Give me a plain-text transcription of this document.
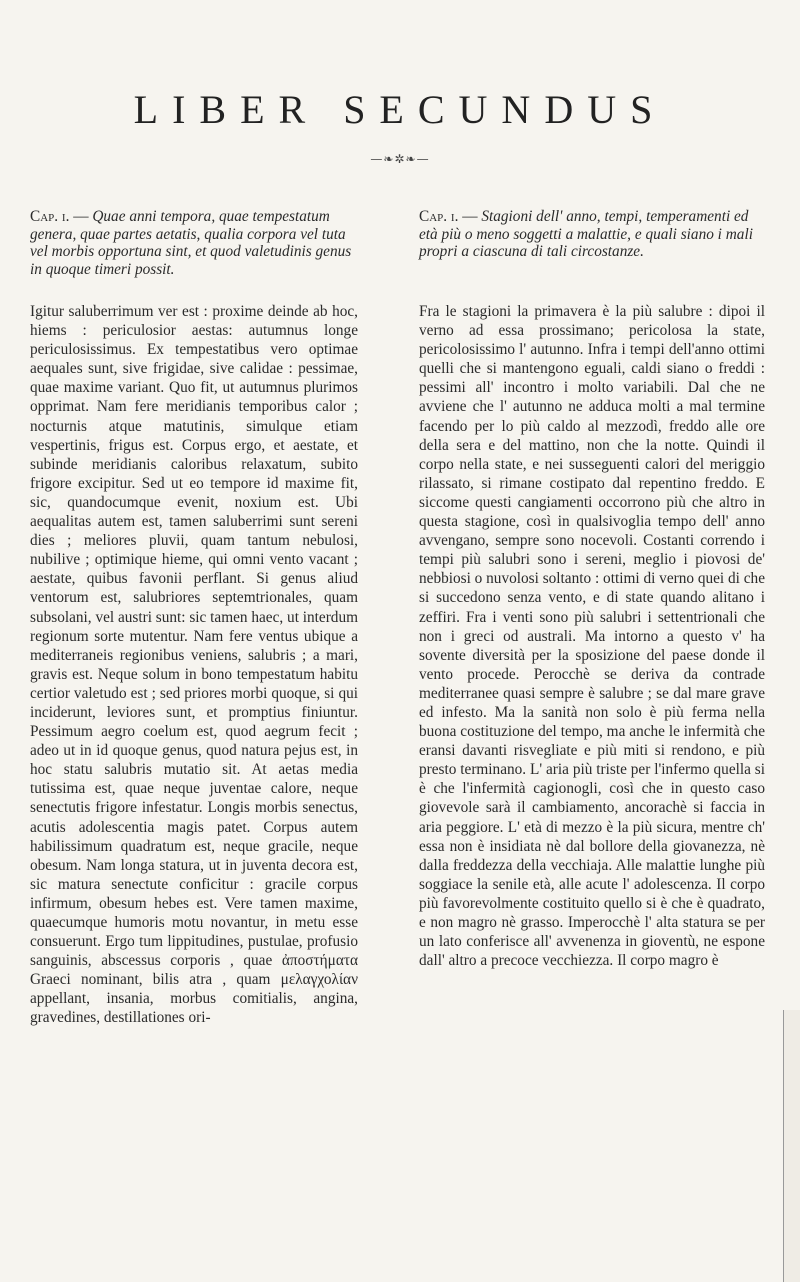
LIBER SECUNDUS
—❧✲❧—

Cap. i. — Quae anni tempora, quae tempestatum genera, quae partes aetatis, qualia corpora vel tuta vel morbis opportuna sint, et quod valetudinis genus in quoque timeri possit.

Igitur saluberrimum ver est : proxime deinde ab hoc, hiems : periculosior aestas: autumnus longe periculosissimus. Ex tempestatibus vero optimae aequales sunt, sive frigidae, sive calidae : pessimae, quae maxime variant. Quo fit, ut autumnus plurimos opprimat. Nam fere meridianis temporibus calor ; nocturnis atque matutinis, simulque etiam vespertinis, frigus est. Corpus ergo, et aestate, et subinde meridianis caloribus relaxatum, subito frigore excipitur. Sed ut eo tempore id maxime fit, sic, quandocumque evenit, noxium est. Ubi aequalitas autem est, tamen saluberrimi sunt sereni dies ; meliores pluvii, quam tantum nebulosi, nubilive ; optimique hieme, qui omni vento vacant ; aestate, quibus favonii perflant. Si genus aliud ventorum est, salubriores septemtrionales, quam subsolani, vel austri sunt: sic tamen haec, ut interdum regionum sorte mutentur. Nam fere ventus ubique a mediterraneis regionibus veniens, salubris ; a mari, gravis est. Neque solum in bono tempestatum habitu certior valetudo est ; sed priores morbi quoque, si qui inciderunt, leviores sunt, et promptius finiuntur. Pessimum aegro coelum est, quod aegrum fecit ; adeo ut in id quoque genus, quod natura pejus est, in hoc statu salubris mutatio sit. At aetas media tutissima est, quae neque juventae calore, neque senectutis frigore infestatur. Longis morbis senectus, acutis adolescentia magis patet. Corpus autem habilissimum quadratum est, neque gracile, neque obesum. Nam longa statura, ut in juventa decora est, sic matura senectute conficitur : gracile corpus infirmum, obesum hebes est. Vere tamen maxime, quaecumque humoris motu novantur, in metu esse consuerunt. Ergo tum lippitudines, pustulae, profusio sanguinis, abscessus corporis , quae ἀποστήματα Graeci nominant, bilis atra , quam μελαγχολίαν appellant, insania, morbus comitialis, angina, gravedines, destillationes ori-

Cap. i. — Stagioni dell' anno, tempi, temperamenti ed età più o meno soggetti a malattie, e quali siano i mali propri a ciascuna di tali circostanze.

Fra le stagioni la primavera è la più salubre : dipoi il verno ad essa prossimano; pericolosa la state, pericolosissimo l' autunno. Infra i tempi dell'anno ottimi quelli che si mantengono eguali, caldi siano o freddi : pessimi all' incontro i molto variabili. Dal che ne avviene che l' autunno ne adduca molti a mal termine facendo per lo più caldo al mezzodì, freddo alle ore della sera e del mattino, non che la notte. Quindi il corpo nella state, e nei susseguenti calori del meriggio rilassato, si rimane costipato dal repentino freddo. E siccome questi cangiamenti occorrono più che altro in questa stagione, così in qualsivoglia tempo dell' anno avvengano, sempre sono nocevoli. Costanti correndo i tempi più salubri sono i sereni, meglio i piovosi de' nebbiosi o nuvolosi soltanto : ottimi di verno quei di che si succedono senza vento, e di state quando alitano i zeffiri. Fra i venti sono più salubri i settentrionali che non i greci od australi. Ma intorno a questo v' ha sovente diversità per la sposizione del paese donde il vento procede. Perocchè se deriva da contrade mediterranee quasi sempre è salubre ; se dal mare grave ed infesto. Ma la sanità non solo è più ferma nella buona costituzione del tempo, ma anche le infermità che eransi davanti risvegliate e più miti si rendono, e più presto terminano. L' aria più triste per l'infermo quella si è che l'infermità cagionogli, così che in questo caso giovevole sarà il cambiamento, ancorachè si faccia in aria peggiore. L' età di mezzo è la più sicura, mentre ch' essa non è insidiata nè dal bollore della giovanezza, nè dalla freddezza della vecchiaja. Alle malattie lunghe più soggiace la senile età, alle acute l' adolescenza. Il corpo più favorevolmente costituito quello si è che è quadrato, e non magro nè grasso. Imperocchè l' alta statura se per un lato conferisce all' avvenenza in gioventù, ne espone dall' altro a precoce vecchiezza. Il corpo magro è
